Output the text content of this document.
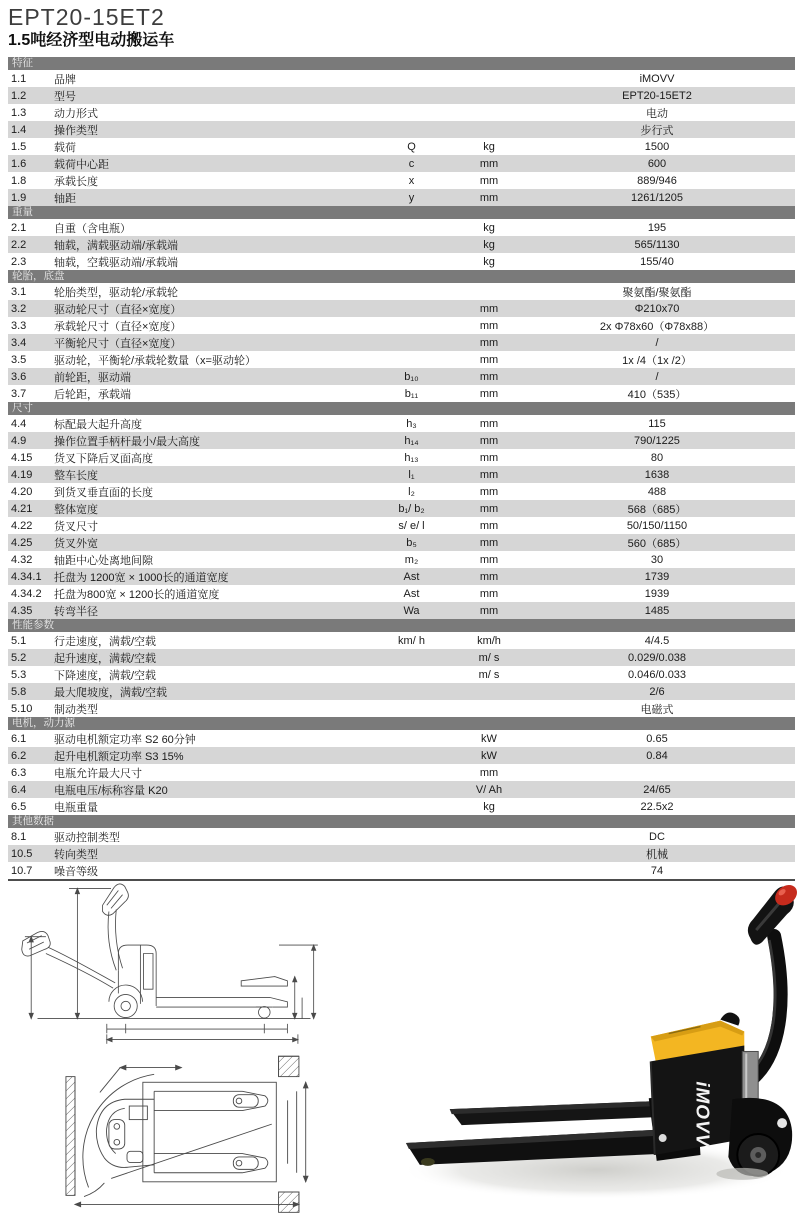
EPT20-15ET2
1.5吨经济型电动搬运车
特征
1.1	品牌	iMOVV
1.2	型号	EPT20-15ET2
1.3	动力形式	电动
1.4	操作类型	步行式
1.5	载荷	Q	kg	1500
1.6	载荷中心距	c	mm	600
1.8	承载长度	x	mm	889/946
1.9	轴距	y	mm	1261/1205
重量
2.1	自重（含电瓶）	kg	195
2.2	轴载，满载驱动端/承载端	kg	565/1130
2.3	轴载，空载驱动端/承载端	kg	155/40
轮胎，底盘
3.1	轮胎类型，驱动轮/承载轮	聚氨酯/聚氨酯
3.2	驱动轮尺寸（直径×宽度）	mm	Φ210x70
3.3	承载轮尺寸（直径×宽度）	mm	2x Φ78x60（Φ78x88）
3.4	平衡轮尺寸（直径×宽度）	mm	/
3.5	驱动轮，平衡轮/承载轮数量（x=驱动轮）	mm	1x /4（1x /2）
3.6	前轮距，驱动端	b₁₀	mm	/
3.7	后轮距，承载端	b₁₁	mm	410（535）
尺寸
4.4	标配最大起升高度	h₃	mm	115
4.9	操作位置手柄杆最小/最大高度	h₁₄	mm	790/1225
4.15	货叉下降后叉面高度	h₁₃	mm	80
4.19	整车长度	l₁	mm	1638
4.20	到货叉垂直面的长度	l₂	mm	488
4.21	整体宽度	b₁/ b₂	mm	568（685）
4.22	货叉尺寸	s/ e/ l	mm	50/150/1150
4.25	货叉外宽	b₅	mm	560（685）
4.32	轴距中心处离地间隙	m₂	mm	30
4.34.1	托盘为 1200宽 × 1000长的通道宽度	Ast	mm	1739
4.34.2	托盘为800宽 × 1200长的通道宽度	Ast	mm	1939
4.35	转弯半径	Wa	mm	1485
性能参数
5.1	行走速度，满载/空载	km/ h	km/h	4/4.5
5.2	起升速度，满载/空载	m/ s	0.029/0.038
5.3	下降速度，满载/空载	m/ s	0.046/0.033
5.8	最大爬坡度，满载/空载	2/6
5.10	制动类型	电磁式
电机，动力源
6.1	驱动电机额定功率 S2 60分钟	kW	0.65
6.2	起升电机额定功率 S3 15%	kW	0.84
6.3	电瓶允许最大尺寸	mm
6.4	电瓶电压/标称容量 K20	V/ Ah	24/65
6.5	电瓶重量	kg	22.5x2
其他数据
8.1	驱动控制类型	DC
10.5	转向类型	机械
10.7	噪音等级	74
iMOVV
